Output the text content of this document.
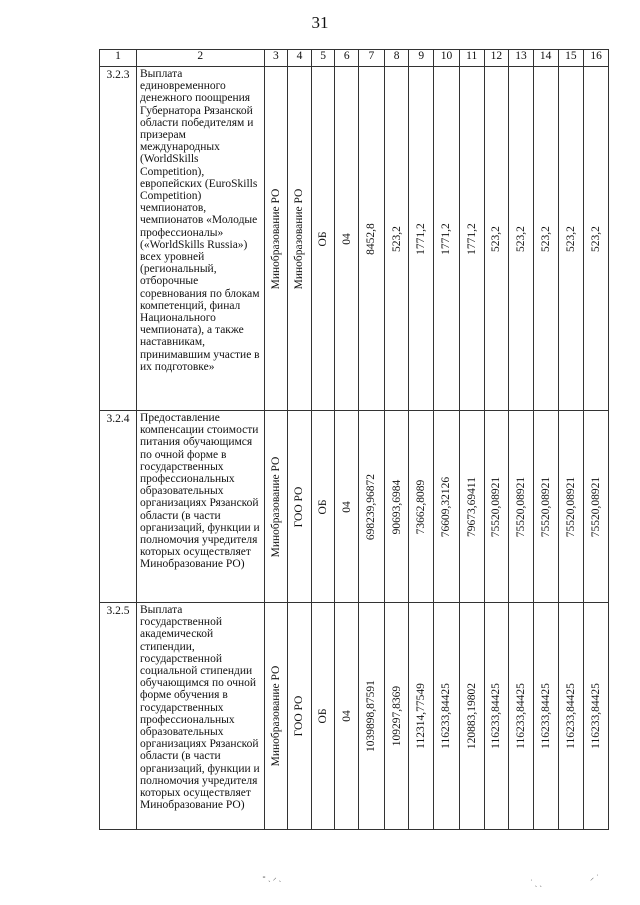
31
1	2	3	4	5	6	7	8	9	10	11	12	13	14	15	16
3.2.3	Выплата единовременного денежного поощрения Губернатора Рязанской области победителям и призерам международных (WorldSkills Competition), европейских (EuroSkills Competition) чемпионатов, чемпионатов «Молодые профессионалы» («WorldSkills Russia») всех уровней (региональный, отборочные соревнования по блокам компетенций, финал Национального чемпионата), а также наставникам, принимавшим участие в их подготовке»	Минобразование РО	Минобразование РО	ОБ	04	8452,8	523,2	1771,2	1771,2	1771,2	523,2	523,2	523,2	523,2	523,2

3.2.4	Предоставление компенсации стоимости питания обучающимся по очной форме в государственных профессиональных образовательных организациях Рязанской области (в части организаций, функции и полномочия учредителя которых осуществляет Минобразование РО)	Минобразование РО	ГОО РО	ОБ	04	698239,96872	90693,6984	73662,8089	76609,32126	79673,69411	75520,08921	75520,08921	75520,08921	75520,08921	75520,08921

3.2.5	Выплата государственной академической стипендии, государственной социальной стипендии обучающимся по очной форме обучения в государственных профессиональных образовательных организациях Рязанской области (в части организаций, функции и полномочия учредителя которых осуществляет Минобразование РО)	Минобразование РО	ГОО РО	ОБ	04	1039898,87591	109297,8369	112314,77549	116233,84425	120883,19802	116233,84425	116233,84425	116233,84425	116233,84425	116233,84425
⁃ ˏ ⸝ ˎ
˙ ˎ ˏ
⸝ ˙
